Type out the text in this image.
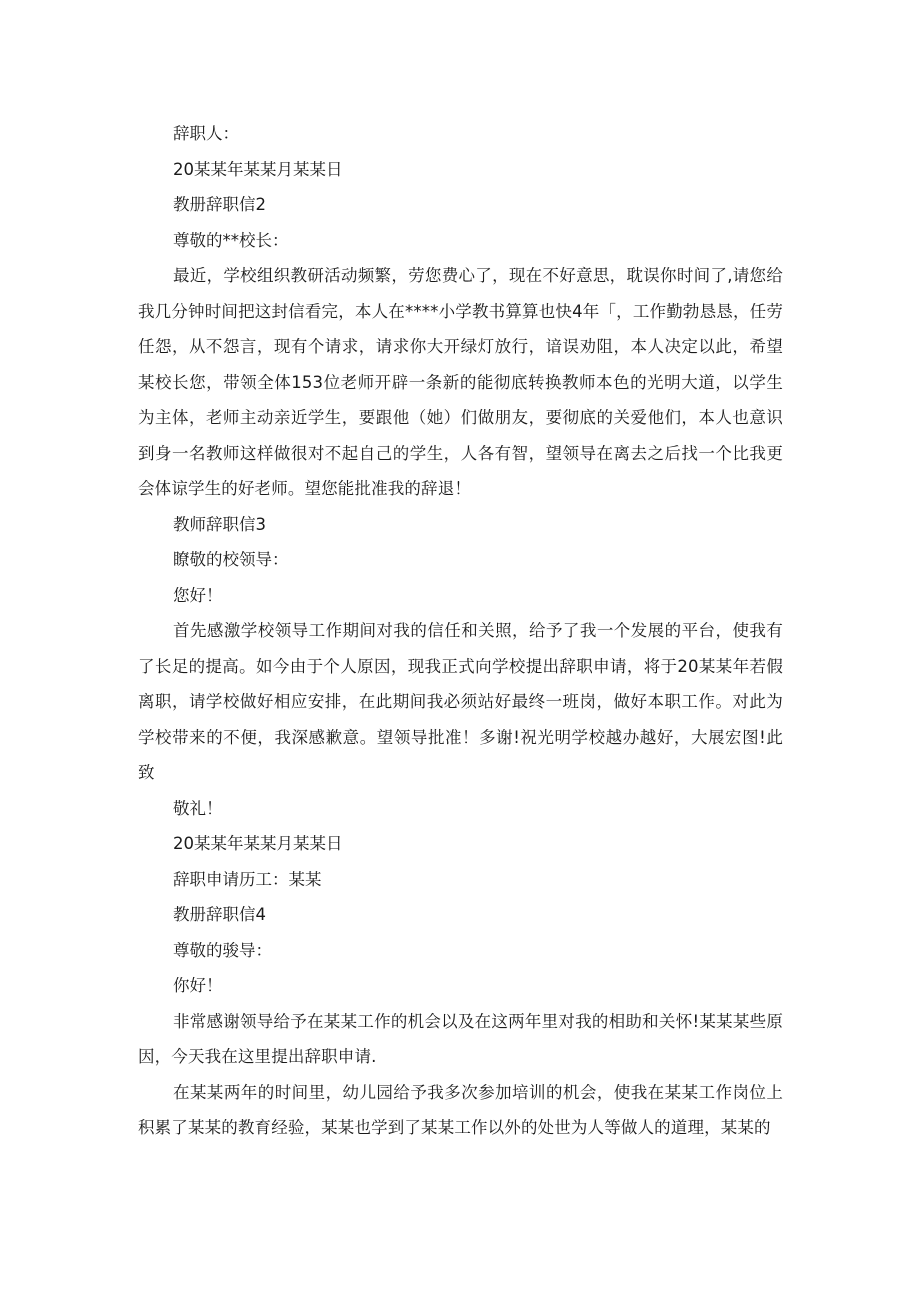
辞职人：

20某某年某某月某某日

教册辞职信2

尊敬的**校长：

最近，学校组织教研活动频繁，劳您费心了，现在不好意思，耽误你时间了,请您给我几分钟时间把这封信看完，本人在****小学教书算算也快4年「，工作勤勃恳恳，任劳任怨，从不怨言，现有个请求，请求你大开绿灯放行，谙误劝阻，本人决定以此，希望某校长您，带领全体153位老师开辟一条新的能彻底转换教师本色的光明大道，以学生为主体，老师主动亲近学生，要跟他（她）们做朋友，要彻底的关爱他们，本人也意识到身一名教师这样做很对不起自己的学生，人各有智，望领导在离去之后找一个比我更会体谅学生的好老师。望您能批准我的辞退！

教师辞职信3

瞭敬的校领导：

您好！

首先感激学校领导工作期间对我的信任和关照，给予了我一个发展的平台，使我有了长足的提高。如今由于个人原因，现我正式向学校提出辞职申请，将于20某某年若假离职，请学校做好相应安排，在此期间我必须站好最终一班岗，做好本职工作。对此为学校带来的不便，我深感歉意。望领导批准！多谢!祝光明学校越办越好，大展宏图!此致

敬礼！

20某某年某某月某某日

辞职申请历工：某某

教册辞职信4

尊敬的骏导：

你好！

非常感谢领导给予在某某工作的机会以及在这两年里对我的相助和关怀!某某某些原因，今天我在这里提出辞职申请.

在某某两年的时间里，幼儿园给予我多次参加培训的机会，使我在某某工作岗位上积累了某某的教育经验，某某也学到了某某工作以外的处世为人等做人的道理，某某的
